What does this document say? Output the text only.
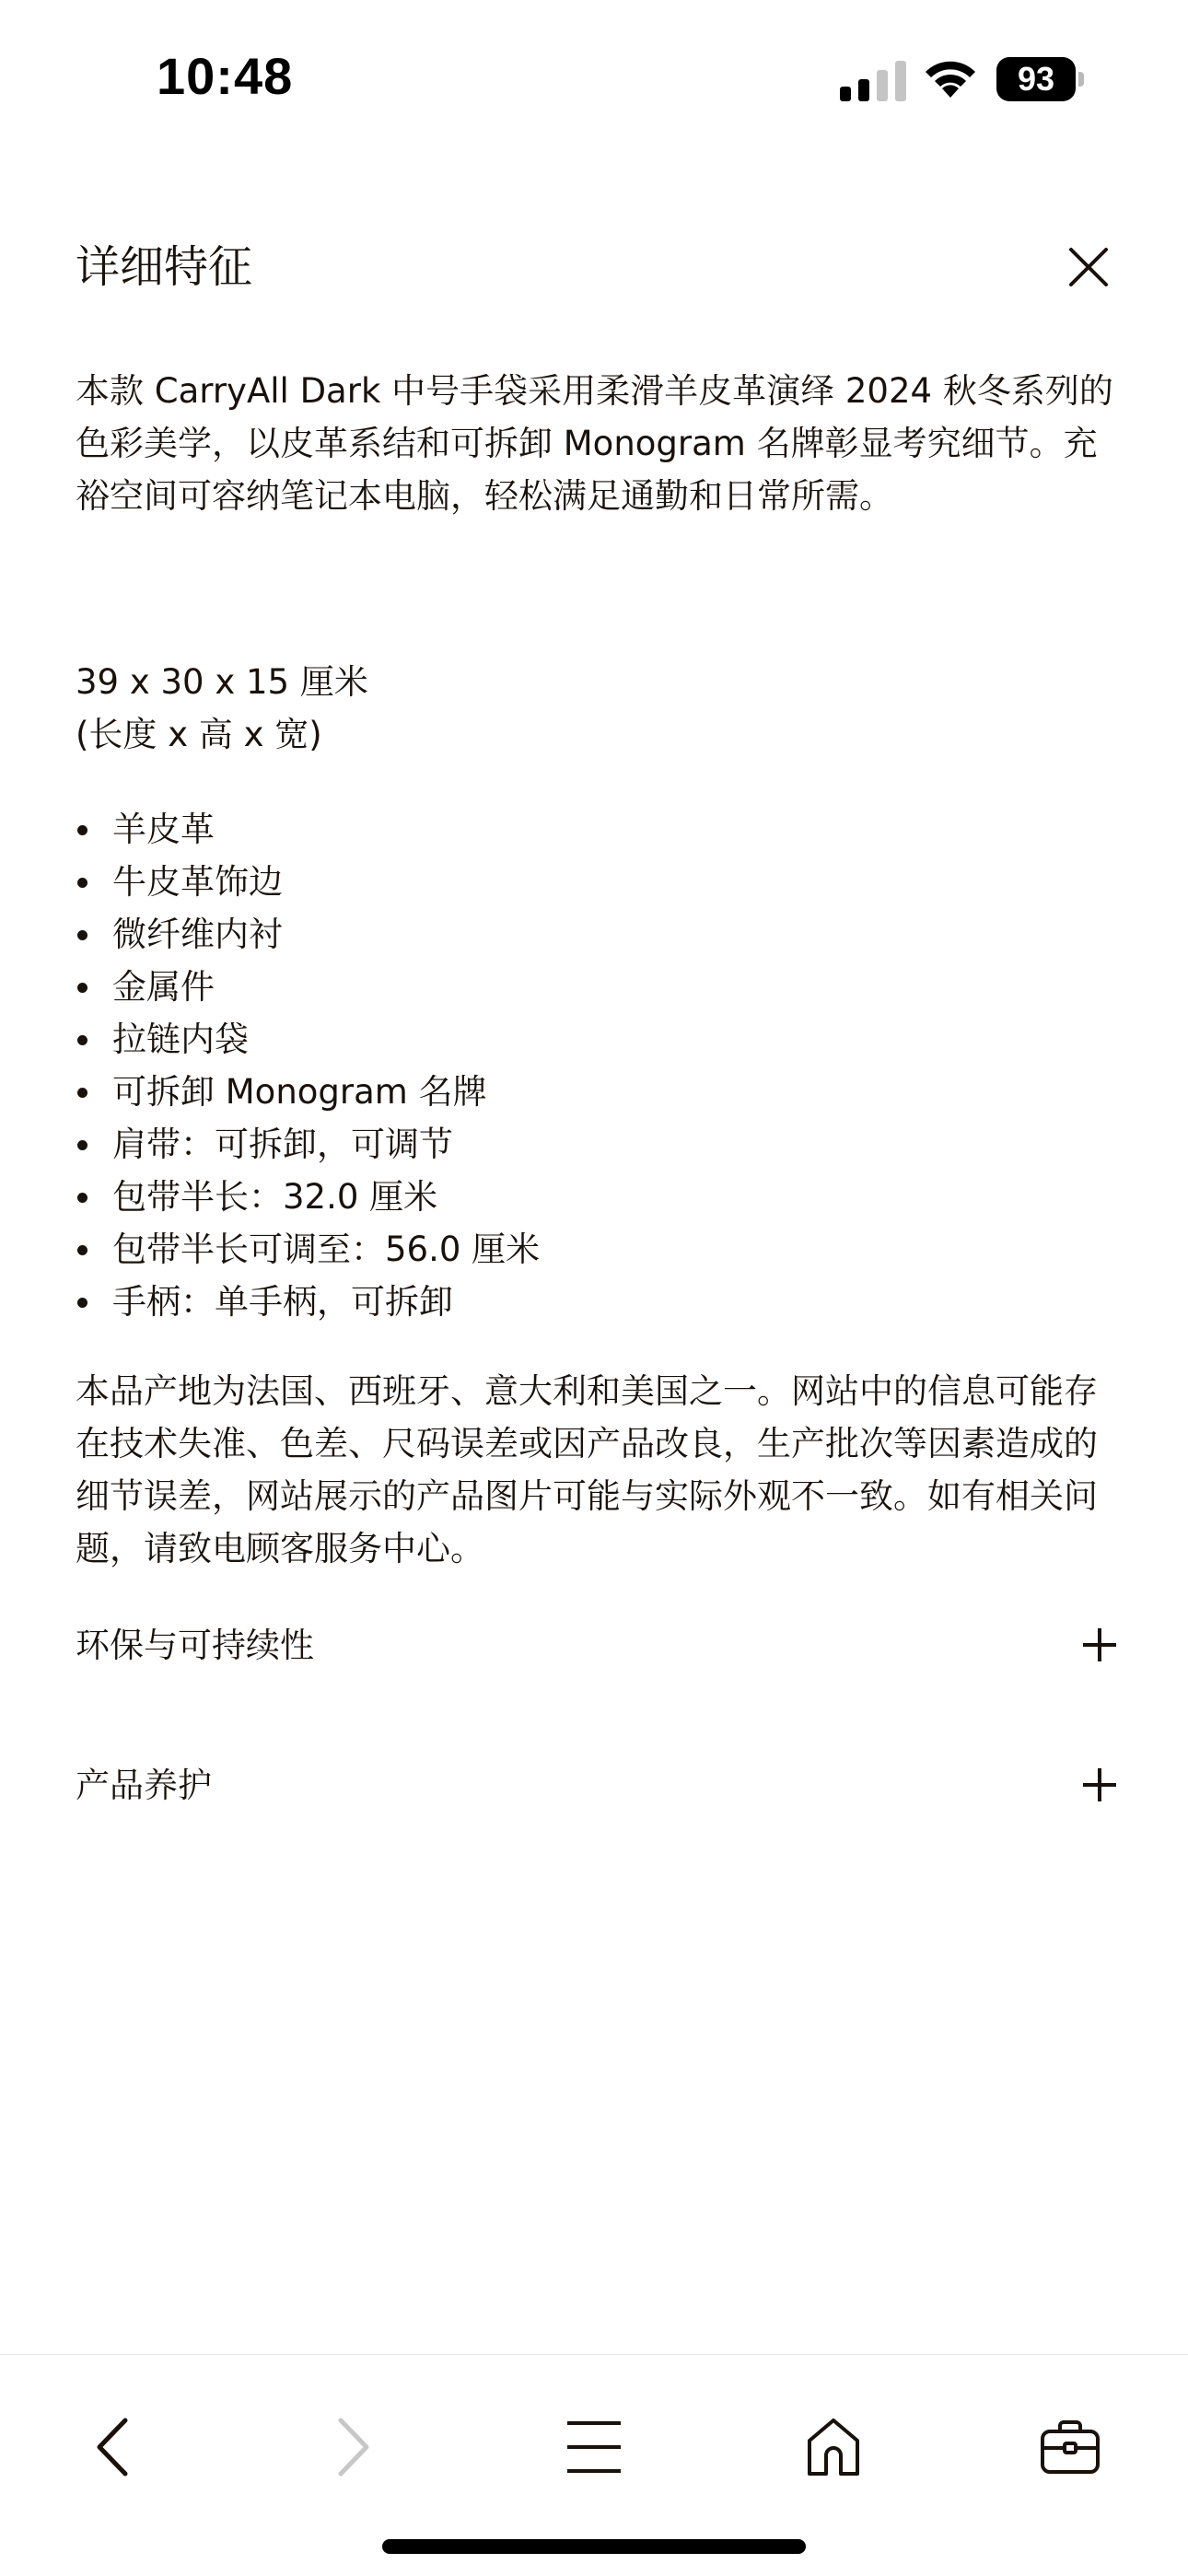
10:48	93
详细特征

本款 CarryAll Dark 中号手袋采用柔滑羊皮革演绎 2024 秋冬系列的色彩美学，以皮革系结和可拆卸 Monogram 名牌彰显考究细节。充裕空间可容纳笔记本电脑，轻松满足通勤和日常所需。

39 x 30 x 15 厘米
(长度 x 高 x 宽)
羊皮革
牛皮革饰边
微纤维内衬
金属件
拉链内袋
可拆卸 Monogram 名牌
肩带：可拆卸，可调节
包带半长：32.0 厘米
包带半长可调至：56.0 厘米
手柄：单手柄，可拆卸

本品产地为法国、西班牙、意大利和美国之一。网站中的信息可能存在技术失准、色差、尺码误差或因产品改良，生产批次等因素造成的细节误差，网站展示的产品图片可能与实际外观不一致。如有相关问题，请致电顾客服务中心。

环保与可持续性
产品养护
